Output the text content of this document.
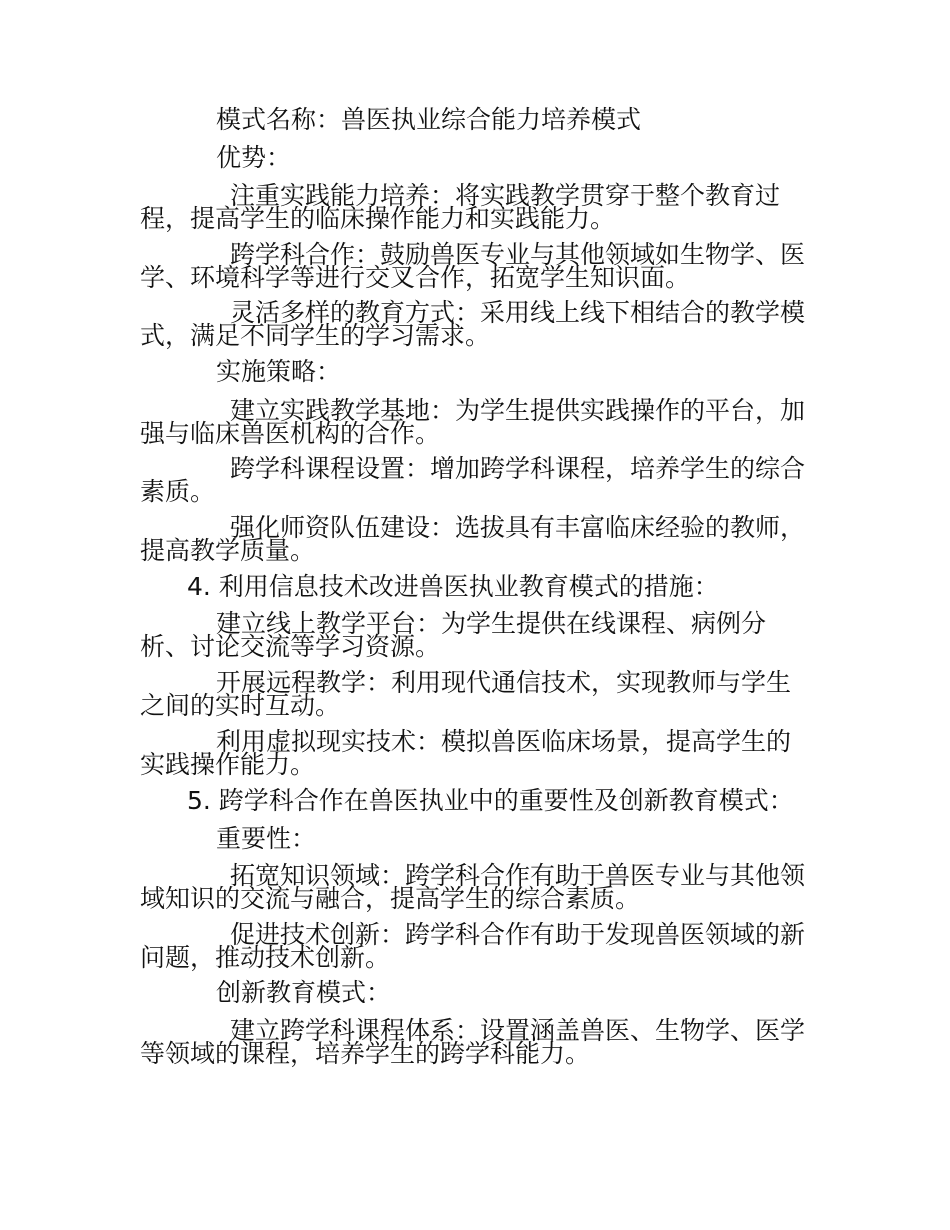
模式名称：兽医执业综合能力培养模式

优势：

注重实践能力培养：将实践教学贯穿于整个教育过

程，提高学生的临床操作能力和实践能力。

跨学科合作：鼓励兽医专业与其他领域如生物学、医

学、环境科学等进行交叉合作，拓宽学生知识面。

灵活多样的教育方式：采用线上线下相结合的教学模

式，满足不同学生的学习需求。

实施策略：

建立实践教学基地：为学生提供实践操作的平台，加

强与临床兽医机构的合作。

跨学科课程设置：增加跨学科课程，培养学生的综合

素质。

强化师资队伍建设：选拔具有丰富临床经验的教师，

提高教学质量。

4. 利用信息技术改进兽医执业教育模式的措施：

建立线上教学平台：为学生提供在线课程、病例分

析、讨论交流等学习资源。

开展远程教学：利用现代通信技术，实现教师与学生

之间的实时互动。

利用虚拟现实技术：模拟兽医临床场景，提高学生的

实践操作能力。

5. 跨学科合作在兽医执业中的重要性及创新教育模式：

重要性：

拓宽知识领域：跨学科合作有助于兽医专业与其他领

域知识的交流与融合，提高学生的综合素质。

促进技术创新：跨学科合作有助于发现兽医领域的新

问题，推动技术创新。

创新教育模式：

建立跨学科课程体系：设置涵盖兽医、生物学、医学

等领域的课程，培养学生的跨学科能力。
